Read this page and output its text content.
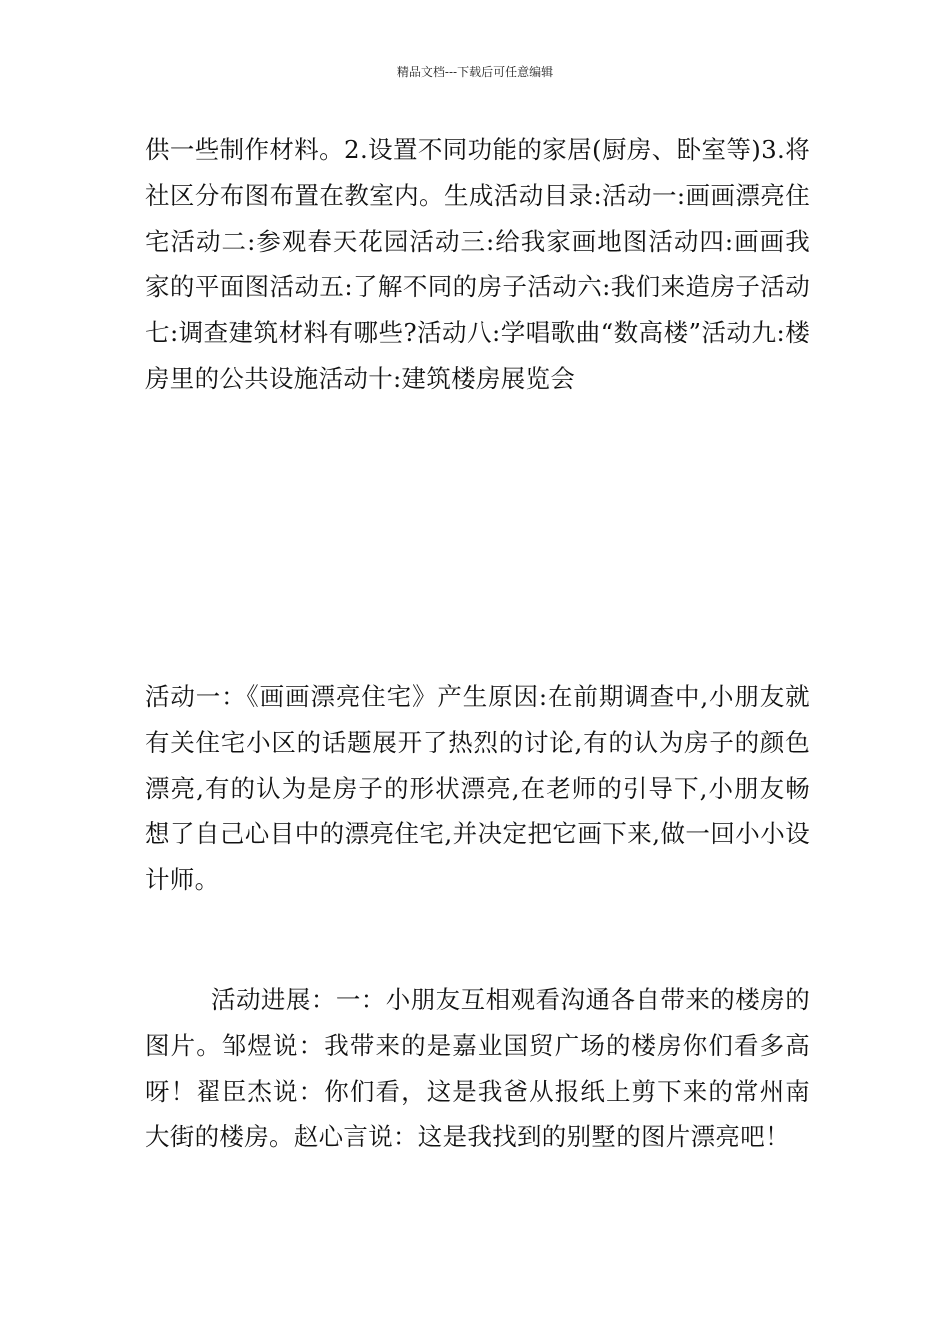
精品文档---下载后可任意编辑

供一些制作材料。2.设置不同功能的家居(厨房、卧室等)3.将社区分布图布置在教室内。生成活动目录:活动一:画画漂亮住宅活动二:参观春天花园活动三:给我家画地图活动四:画画我家的平面图活动五:了解不同的房子活动六:我们来造房子活动七:调查建筑材料有哪些?活动八:学唱歌曲“数高楼”活动九:楼房里的公共设施活动十:建筑楼房展览会

活动一：《画画漂亮住宅》产生原因:在前期调查中,小朋友就有关住宅小区的话题展开了热烈的讨论,有的认为房子的颜色漂亮,有的认为是房子的形状漂亮,在老师的引导下,小朋友畅想了自己心目中的漂亮住宅,并决定把它画下来,做一回小小设计师。

活动进展：一：小朋友互相观看沟通各自带来的楼房的图片。邹煜说：我带来的是嘉业国贸广场的楼房你们看多高呀！翟臣杰说：你们看，这是我爸从报纸上剪下来的常州南大街的楼房。赵心言说：这是我找到的别墅的图片漂亮吧！
